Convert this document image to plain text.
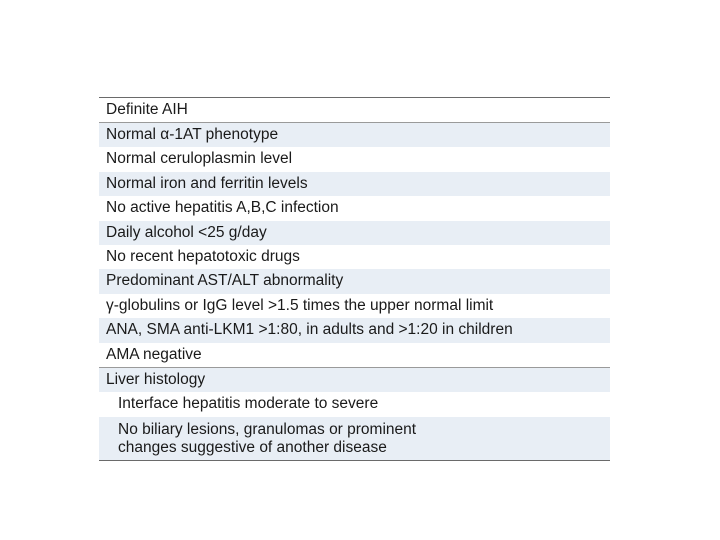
Definite AIH
Normal α-1AT phenotype
Normal ceruloplasmin level
Normal iron and ferritin levels
No active hepatitis A,B,C infection
Daily alcohol <25 g/day
No recent hepatotoxic drugs
Predominant AST/ALT abnormality
γ-globulins or IgG level >1.5 times the upper normal limit
ANA, SMA anti-LKM1 >1:80, in adults and >1:20 in children
AMA negative
Liver histology
Interface hepatitis moderate to severe
No biliary lesions, granulomas or prominent
changes suggestive of another disease
